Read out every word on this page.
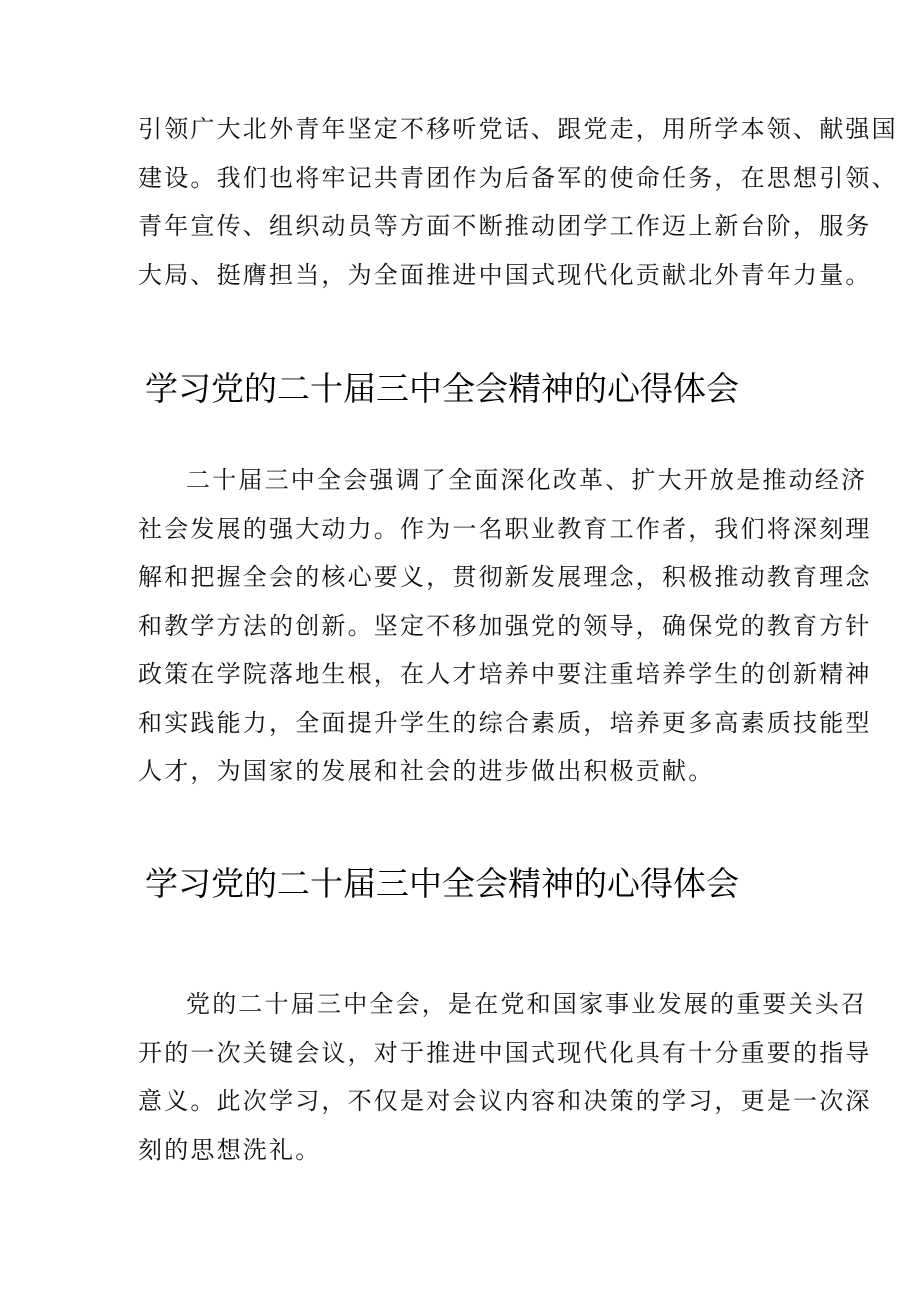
引领广大北外青年坚定不移听党话、跟党走，用所学本领、献强国
建设。我们也将牢记共青团作为后备军的使命任务，在思想引领、
青年宣传、组织动员等方面不断推动团学工作迈上新台阶，服务
大局、挺膺担当，为全面推进中国式现代化贡献北外青年力量。

学习党的二十届三中全会精神的心得体会

二十届三中全会强调了全面深化改革、扩大开放是推动经济
社会发展的强大动力。作为一名职业教育工作者，我们将深刻理
解和把握全会的核心要义，贯彻新发展理念，积极推动教育理念
和教学方法的创新。坚定不移加强党的领导，确保党的教育方针
政策在学院落地生根，在人才培养中要注重培养学生的创新精神
和实践能力，全面提升学生的综合素质，培养更多高素质技能型
人才，为国家的发展和社会的进步做出积极贡献。

学习党的二十届三中全会精神的心得体会

党的二十届三中全会，是在党和国家事业发展的重要关头召
开的一次关键会议，对于推进中国式现代化具有十分重要的指导
意义。此次学习，不仅是对会议内容和决策的学习，更是一次深
刻的思想洗礼。
